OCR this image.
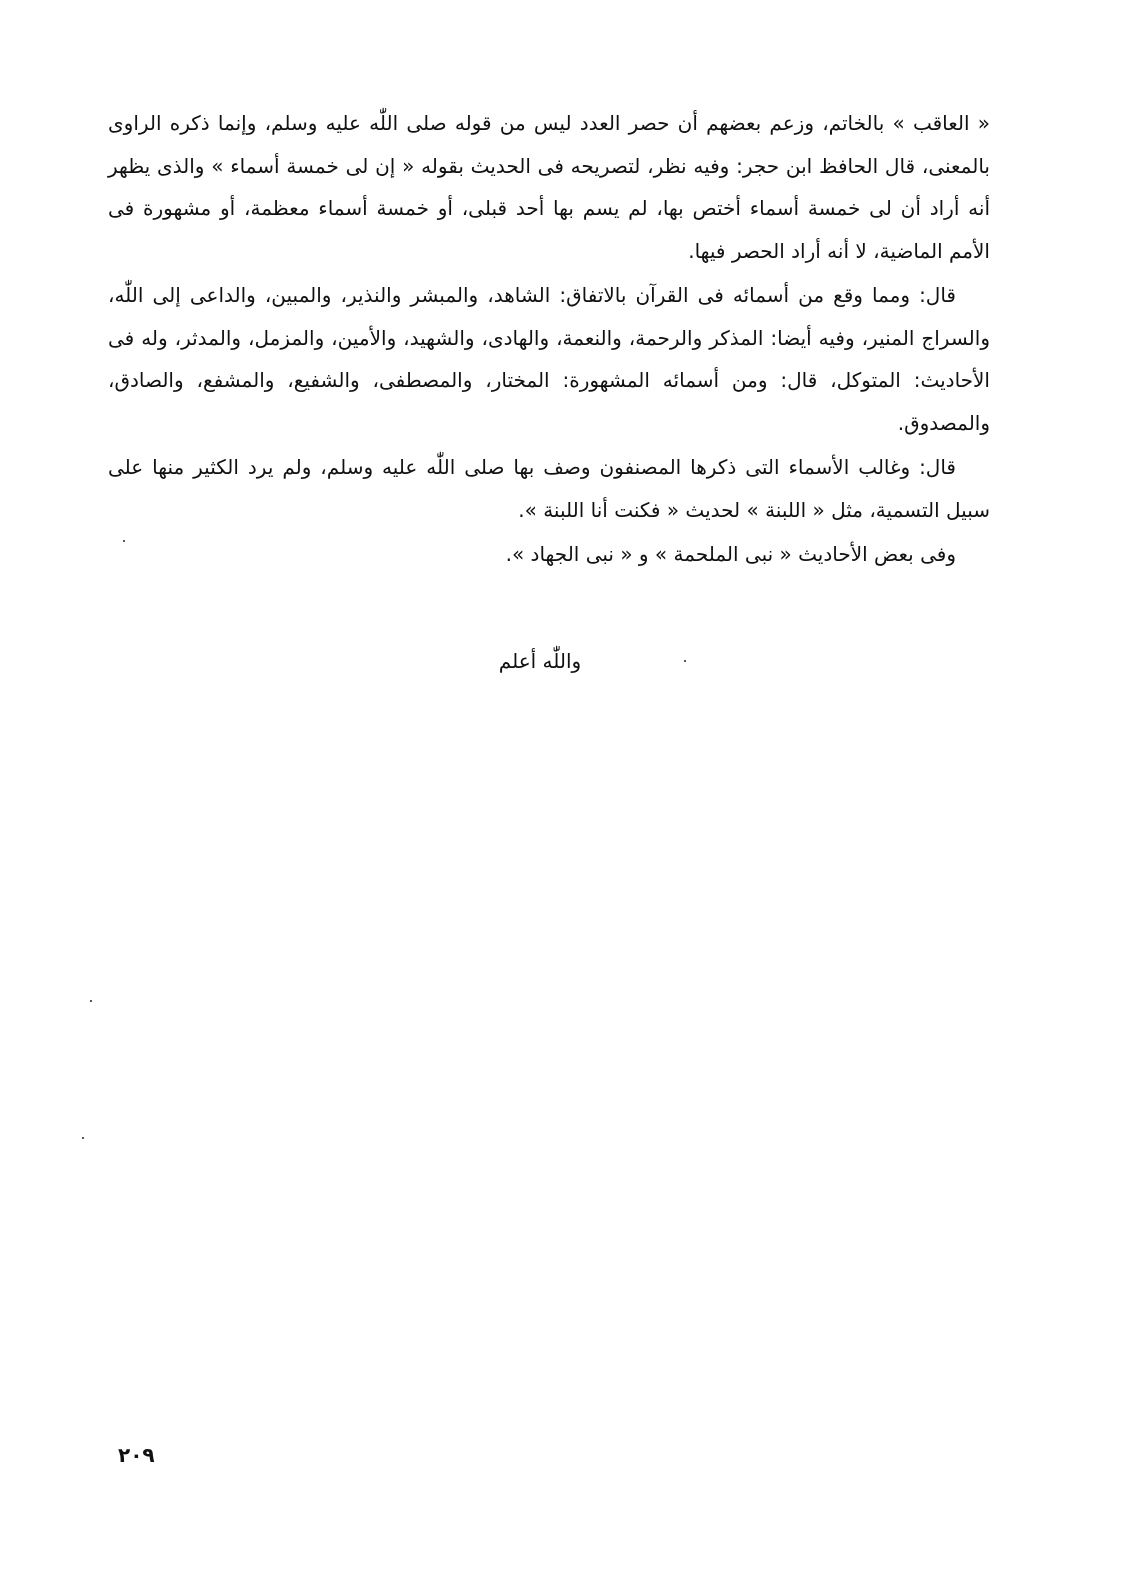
« العاقب » بالخاتم، وزعم بعضهم أن حصر العدد ليس من قوله صلى اللّٰه عليه وسلم، وإنما ذكره الراوى بالمعنى، قال الحافظ ابن حجر: وفيه نظر، لتصريحه فى الحديث بقوله « إن لى خمسة أسماء » والذى يظهر أنه أراد أن لى خمسة أسماء أختص بها، لم يسم بها أحد قبلى، أو خمسة أسماء معظمة، أو مشهورة فى الأمم الماضية، لا أنه أراد الحصر فيها.

قال: ومما وقع من أسمائه فى القرآن بالاتفاق: الشاهد، والمبشر والنذير، والمبين، والداعى إلى اللّٰه، والسراج المنير، وفيه أيضا: المذكر والرحمة، والنعمة، والهادى، والشهيد، والأمين، والمزمل، والمدثر، وله فى الأحاديث: المتوكل، قال: ومن أسمائه المشهورة: المختار، والمصطفى، والشفيع، والمشفع، والصادق، والمصدوق.

قال: وغالب الأسماء التى ذكرها المصنفون وصف بها صلى اللّٰه عليه وسلم، ولم يرد الكثير منها على سبيل التسمية، مثل « اللبنة » لحديث « فكنت أنا اللبنة ».

وفى بعض الأحاديث « نبى الملحمة » و « نبى الجهاد ».

واللّٰه أعلم
٢٠٩
